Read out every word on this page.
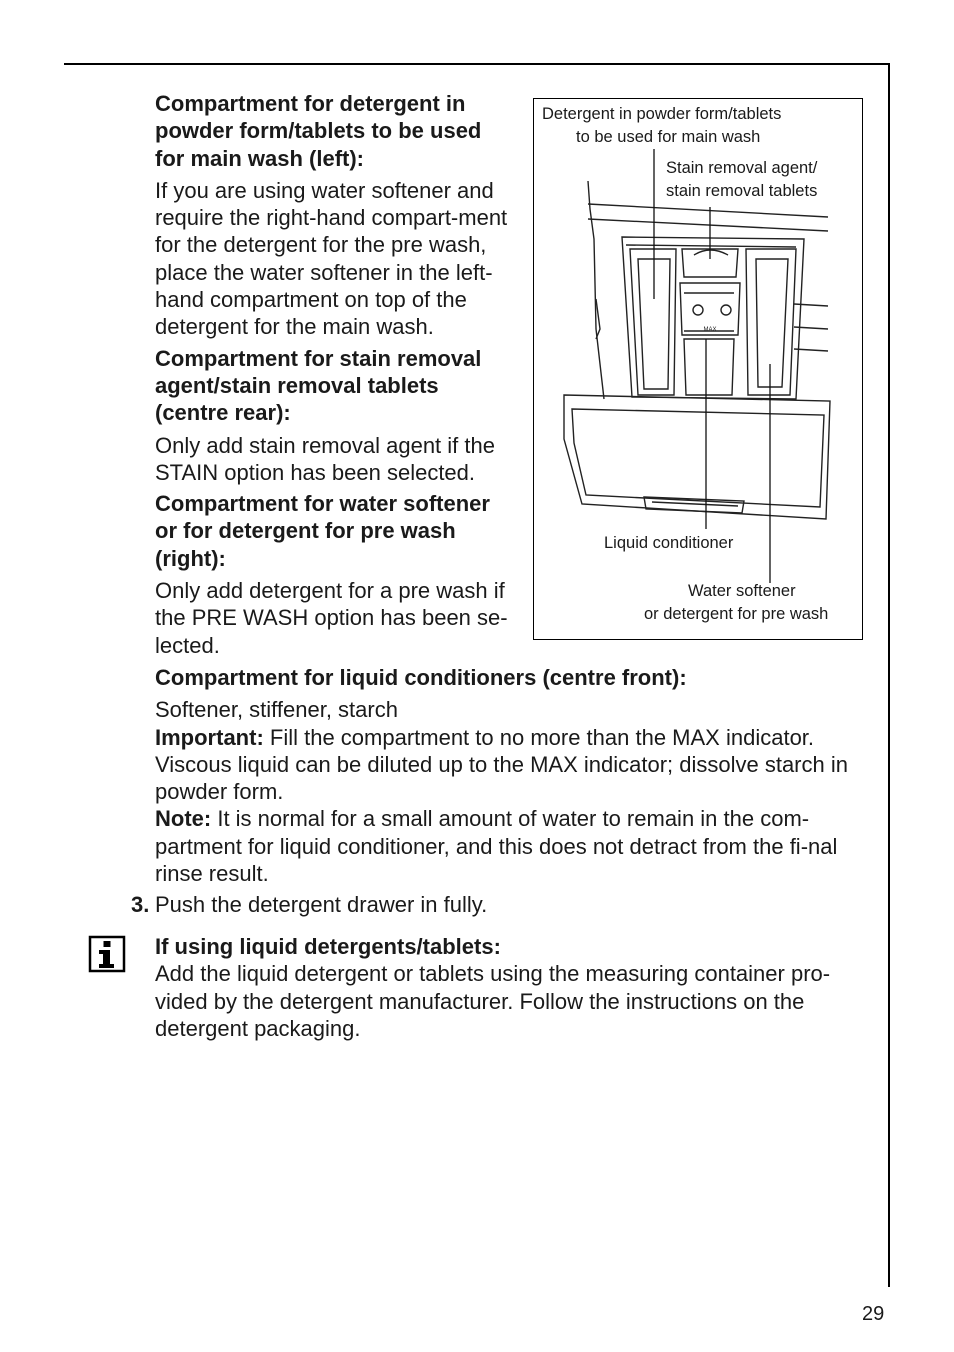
Compartment for detergent in powder form/tablets to be used for main wash (left):

If you are using water softener and require the right-hand compart-ment for the detergent for the pre wash, place the water softener in the left-hand compartment on top of the detergent for the main wash.

Compartment for stain removal agent/stain removal tablets (centre rear):

Only add stain removal agent if the STAIN option has been selected.

Compartment for water softener or for detergent for pre wash (right):

Only add detergent for a pre wash if the PRE WASH option has been se-lected.

MAX
Detergent in powder form/tablets
to be used for main wash
Stain removal agent/
stain removal tablets
Liquid conditioner
Water softener
or detergent for pre wash

Compartment for liquid conditioners (centre front):

Softener, stiffener, starch

Important: Fill the compartment to no more than the MAX indicator. Viscous liquid can be diluted up to the MAX indicator; dissolve starch in powder form.

Note: It is normal for a small amount of water to remain in the com-partment for liquid conditioner, and this does not detract from the fi-nal rinse result.

3. Push the detergent drawer in fully.

If using liquid detergents/tablets:

Add the liquid detergent or tablets using the measuring container pro-vided by the detergent manufacturer. Follow the instructions on the detergent packaging.

29
